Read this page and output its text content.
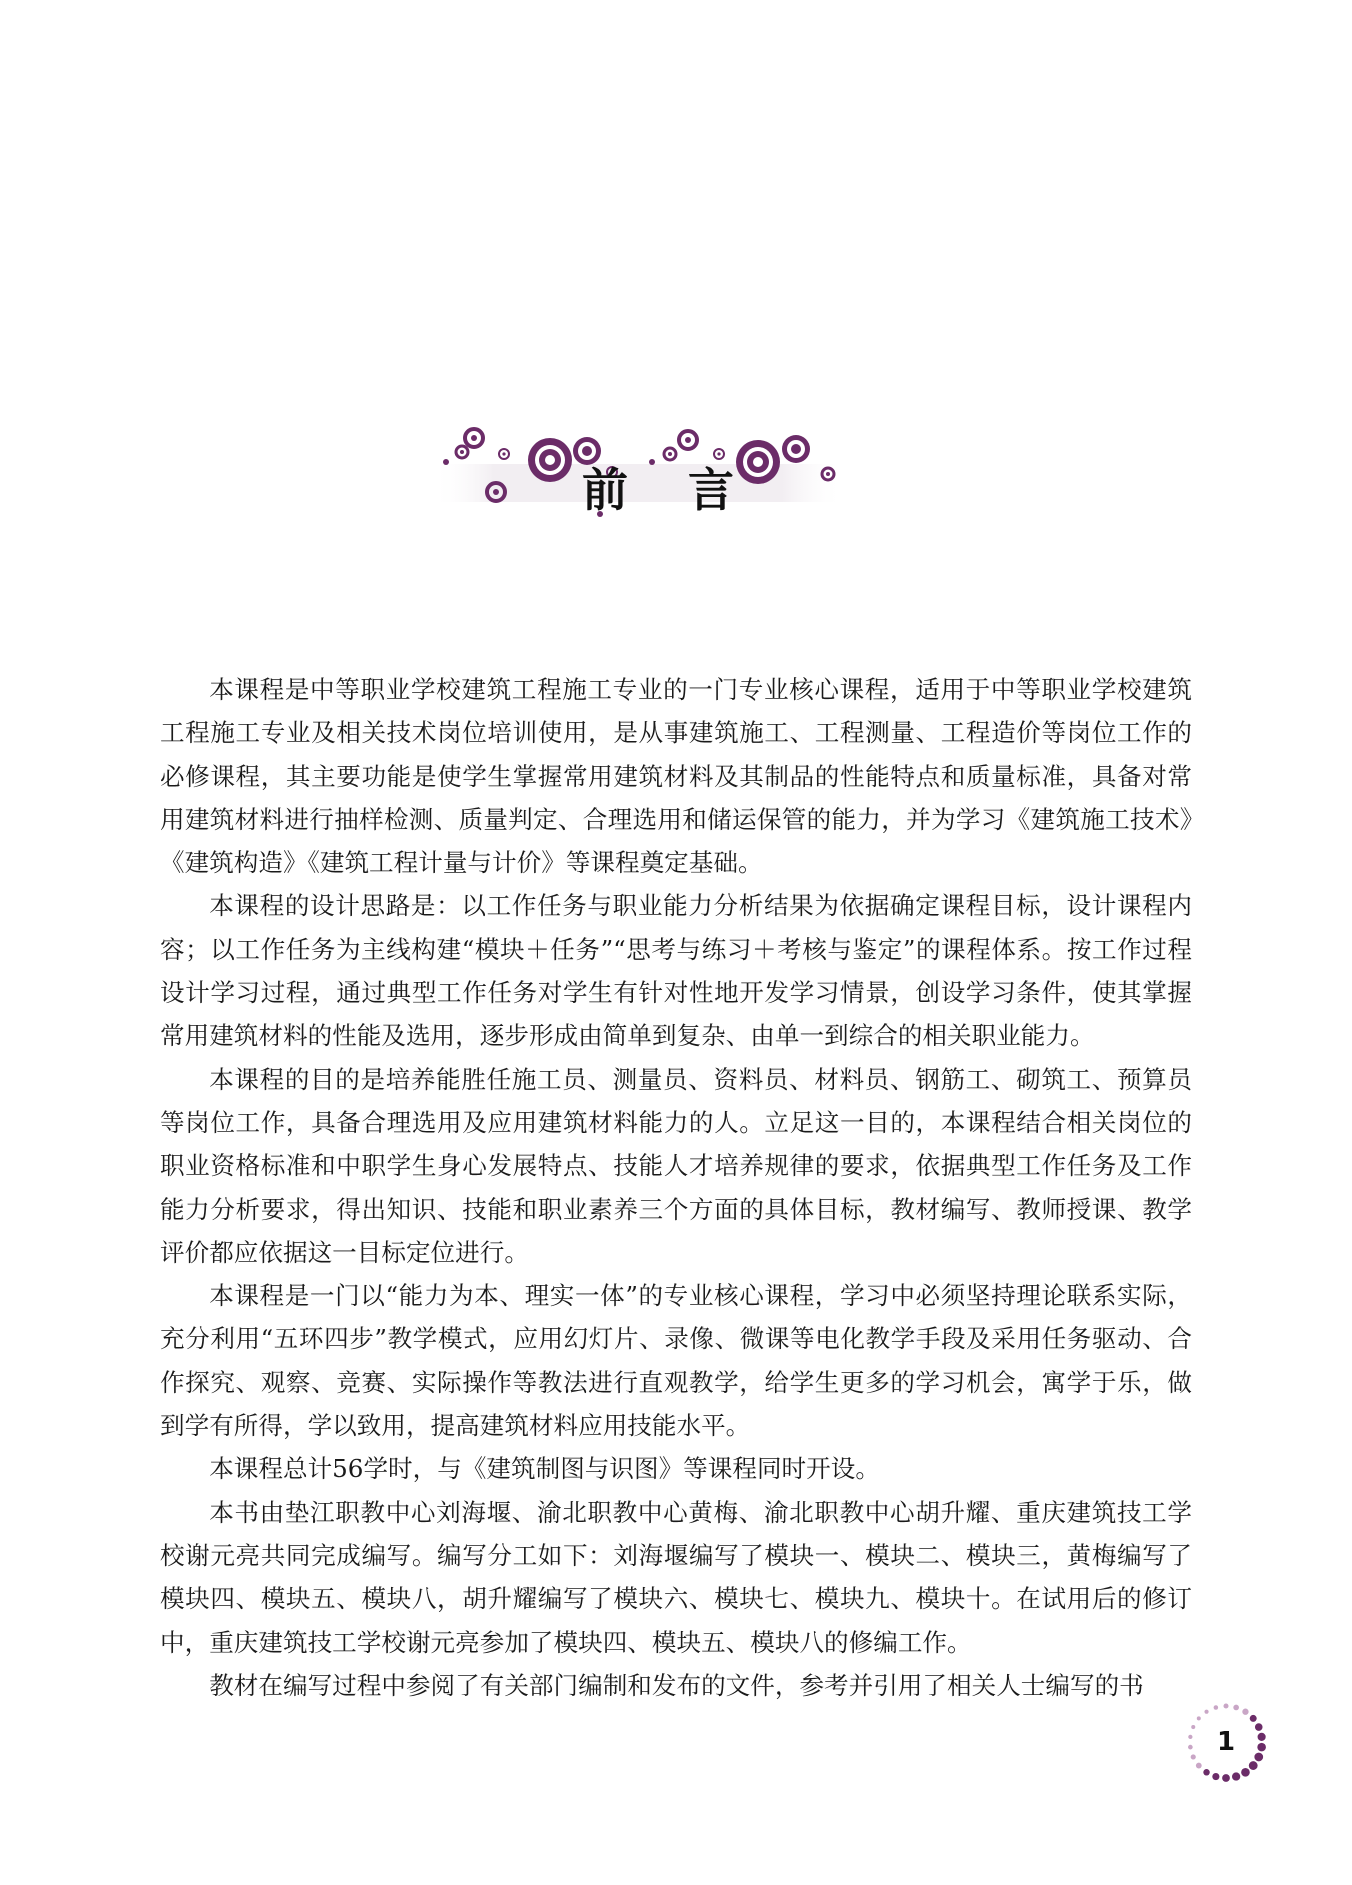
前言

本课程是中等职业学校建筑工程施工专业的一门专业核心课程，适用于中等职业学校建筑工程施工专业及相关技术岗位培训使用，是从事建筑施工、工程测量、工程造价等岗位工作的必修课程，其主要功能是使学生掌握常用建筑材料及其制品的性能特点和质量标准，具备对常用建筑材料进行抽样检测、质量判定、合理选用和储运保管的能力，并为学习《建筑施工技术》《建筑构造》《建筑工程计量与计价》等课程奠定基础。

本课程的设计思路是：以工作任务与职业能力分析结果为依据确定课程目标，设计课程内容；以工作任务为主线构建“模块＋任务”“思考与练习＋考核与鉴定”的课程体系。按工作过程设计学习过程，通过典型工作任务对学生有针对性地开发学习情景，创设学习条件，使其掌握常用建筑材料的性能及选用，逐步形成由简单到复杂、由单一到综合的相关职业能力。

本课程的目的是培养能胜任施工员、测量员、资料员、材料员、钢筋工、砌筑工、预算员等岗位工作，具备合理选用及应用建筑材料能力的人。立足这一目的，本课程结合相关岗位的职业资格标准和中职学生身心发展特点、技能人才培养规律的要求，依据典型工作任务及工作能力分析要求，得出知识、技能和职业素养三个方面的具体目标，教材编写、教师授课、教学评价都应依据这一目标定位进行。

本课程是一门以“能力为本、理实一体”的专业核心课程，学习中必须坚持理论联系实际，充分利用“五环四步”教学模式，应用幻灯片、录像、微课等电化教学手段及采用任务驱动、合作探究、观察、竞赛、实际操作等教法进行直观教学，给学生更多的学习机会，寓学于乐，做到学有所得，学以致用，提高建筑材料应用技能水平。

本课程总计56学时，与《建筑制图与识图》等课程同时开设。

本书由垫江职教中心刘海堰、渝北职教中心黄梅、渝北职教中心胡升耀、重庆建筑技工学校谢元亮共同完成编写。编写分工如下：刘海堰编写了模块一、模块二、模块三，黄梅编写了模块四、模块五、模块八，胡升耀编写了模块六、模块七、模块九、模块十。在试用后的修订中，重庆建筑技工学校谢元亮参加了模块四、模块五、模块八的修编工作。

教材在编写过程中参阅了有关部门编制和发布的文件，参考并引用了相关人士编写的书

1
